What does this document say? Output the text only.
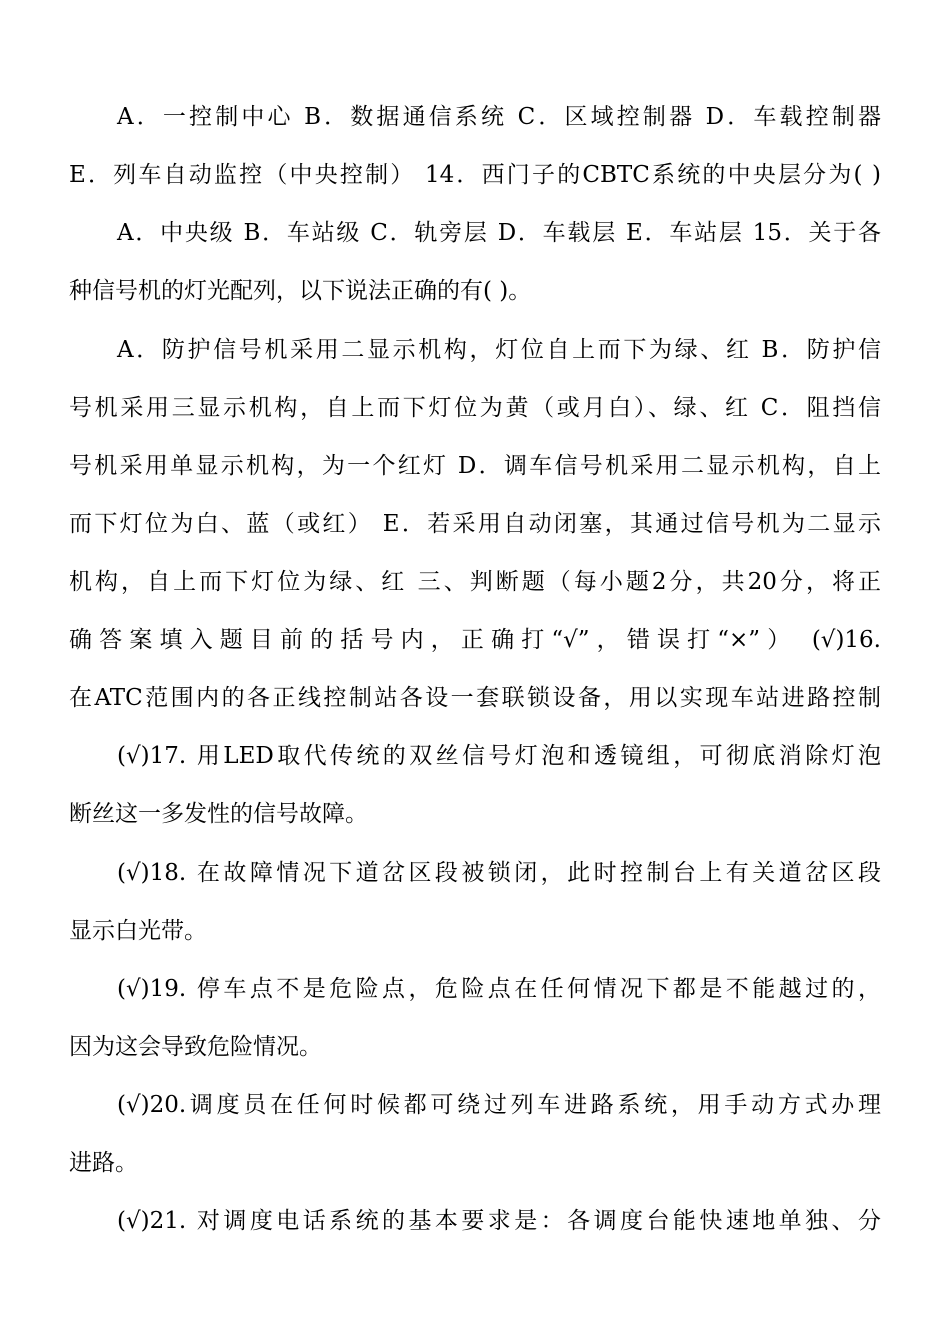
A．一控制中心 B．数据通信系统 C．区域控制器 D．车载控制器
E．列车自动监控（中央控制） 14．西门子的CBTC系统的中央层分为( )
A．中央级 B．车站级 C．轨旁层 D．车载层 E．车站层 15．关于各
种信号机的灯光配列，以下说法正确的有( )。
A．防护信号机采用二显示机构，灯位自上而下为绿、红 B．防护信
号机采用三显示机构，自上而下灯位为黄（或月白）、绿、红 C．阻挡信
号机采用单显示机构，为一个红灯 D．调车信号机采用二显示机构，自上
而下灯位为白、蓝（或红） E．若采用自动闭塞，其通过信号机为二显示
机构，自上而下灯位为绿、红 三、判断题（每小题2分，共20分，将正
确答案填入题目前的括号内，正确打“√”，错误打“×”） (√)16.
在ATC范围内的各正线控制站各设一套联锁设备，用以实现车站进路控制
(√)17. 用LED取代传统的双丝信号灯泡和透镜组，可彻底消除灯泡
断丝这一多发性的信号故障。
(√)18. 在故障情况下道岔区段被锁闭，此时控制台上有关道岔区段
显示白光带。
(√)19. 停车点不是危险点，危险点在任何情况下都是不能越过的，
因为这会导致危险情况。
(√)20.调度员在任何时候都可绕过列车进路系统，用手动方式办理
进路。
(√)21. 对调度电话系统的基本要求是：各调度台能快速地单独、分
